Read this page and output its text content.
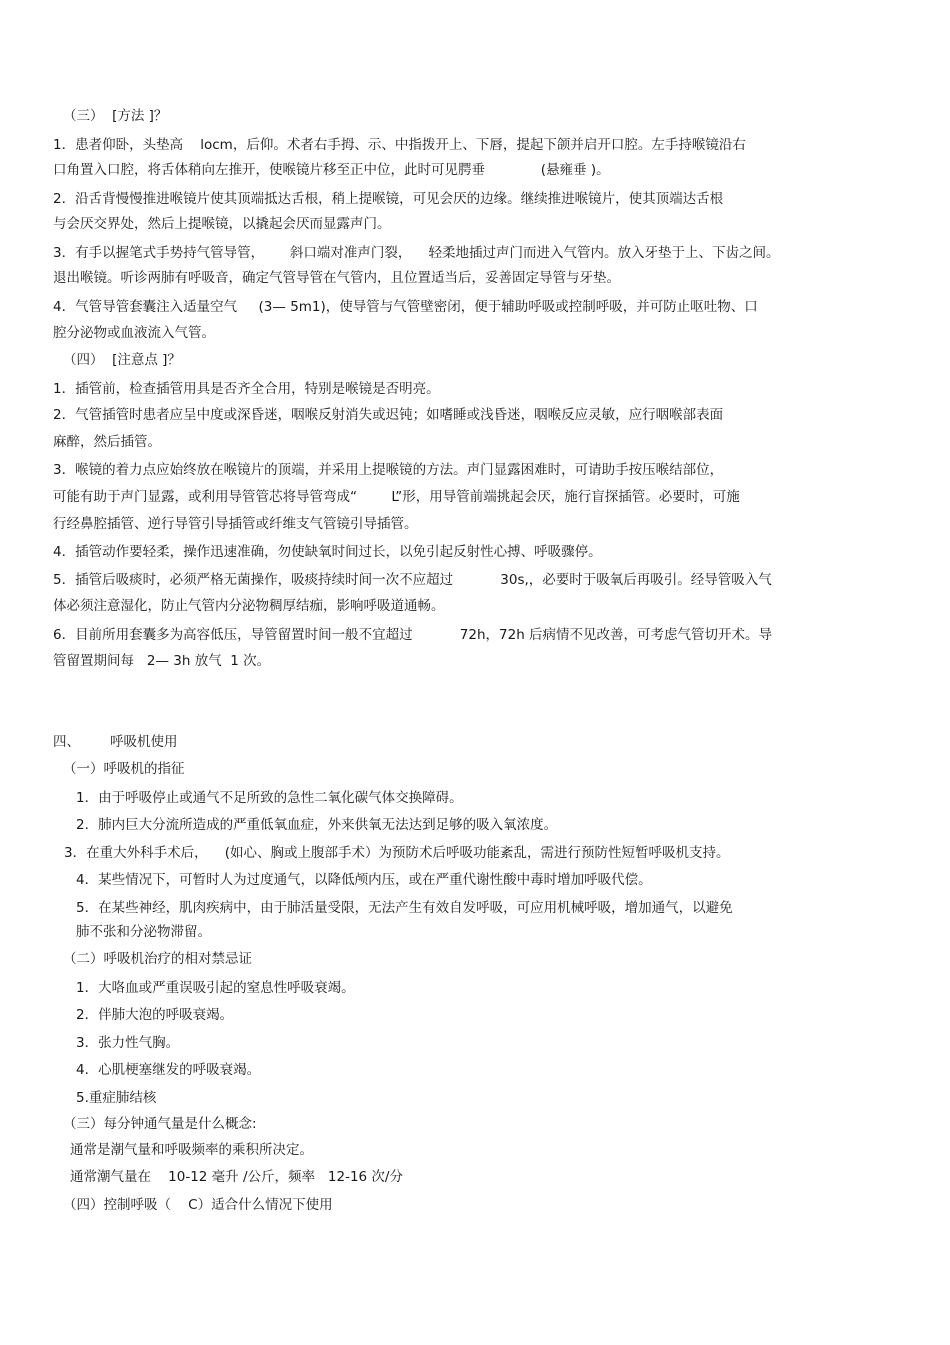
（三）  [方法 ]？
1．患者仰卧，头垫高    locm，后仰。术者右手拇、示、中指拨开上、下唇，提起下颌并启开口腔。左手持喉镜沿右
口角置入口腔，将舌体稍向左推开，使喉镜片移至正中位，此时可见腭垂             (悬雍垂 )。
2．沿舌背慢慢推进喉镜片使其顶端抵达舌根，稍上提喉镜，可见会厌的边缘。继续推进喉镜片，使其顶端达舌根
与会厌交界处，然后上提喉镜，以撬起会厌而显露声门。
3．有手以握笔式手势持气管导管，      斜口端对准声门裂，    轻柔地插过声门而进入气管内。放入牙垫于上、下齿之间。
退出喉镜。听诊两肺有呼吸音，确定气管导管在气管内，且位置适当后，妥善固定导管与牙垫。
4．气管导管套囊注入适量空气     (3— 5m1)，使导管与气管壁密闭，便于辅助呼吸或控制呼吸，并可防止呕吐物、口
腔分泌物或血液流入气管。
（四）  [注意点 ]？
1．插管前，检查插管用具是否齐全合用，特别是喉镜是否明亮。
2．气管插管时患者应呈中度或深昏迷，咽喉反射消失或迟钝；如嗜睡或浅昏迷，咽喉反应灵敏，应行咽喉部表面
麻醉，然后插管。
3．喉镜的着力点应始终放在喉镜片的顶端，并采用上提喉镜的方法。声门显露困难时，可请助手按压喉结部位，
可能有助于声门显露，或利用导管管芯将导管弯成“        L”形，用导管前端挑起会厌，施行盲探插管。必要时，可施
行经鼻腔插管、逆行导管引导插管或纤维支气管镜引导插管。
4．插管动作要轻柔，操作迅速准确，勿使缺氧时间过长，以免引起反射性心搏、呼吸骤停。
5．插管后吸痰时，必须严格无菌操作，吸痰持续时间一次不应超过           30s,，必要时于吸氧后再吸引。经导管吸入气
体必须注意湿化，防止气管内分泌物稠厚结痂，影响呼吸道通畅。
6．目前所用套囊多为高容低压，导管留置时间一般不宜超过           72h，72h 后病情不见改善，可考虑气管切开术。导
管留置期间每   2— 3h 放气  1 次。
四、       呼吸机使用
（一）呼吸机的指征
1．由于呼吸停止或通气不足所致的急性二氧化碳气体交换障碍。
2．肺内巨大分流所造成的严重低氧血症，外来供氧无法达到足够的吸入氧浓度。
3．在重大外科手术后，    (如心、胸或上腹部手术）为预防术后呼吸功能紊乱，需进行预防性短暂呼吸机支持。
4．某些情况下，可暂时人为过度通气，以降低颅内压，或在严重代谢性酸中毒时增加呼吸代偿。
5．在某些神经，肌肉疾病中，由于肺活量受限，无法产生有效自发呼吸，可应用机械呼吸，增加通气，以避免
肺不张和分泌物滞留。
（二）呼吸机治疗的相对禁忌证
1．大咯血或严重误吸引起的窒息性呼吸衰竭。
2．伴肺大泡的呼吸衰竭。
3．张力性气胸。
4．心肌梗塞继发的呼吸衰竭。
5.重症肺结核
（三）每分钟通气量是什么概念:
通常是潮气量和呼吸频率的乘积所决定。
通常潮气量在    10-12 毫升 /公斤，频率   12-16 次/分
（四）控制呼吸（    C）适合什么情况下使用
